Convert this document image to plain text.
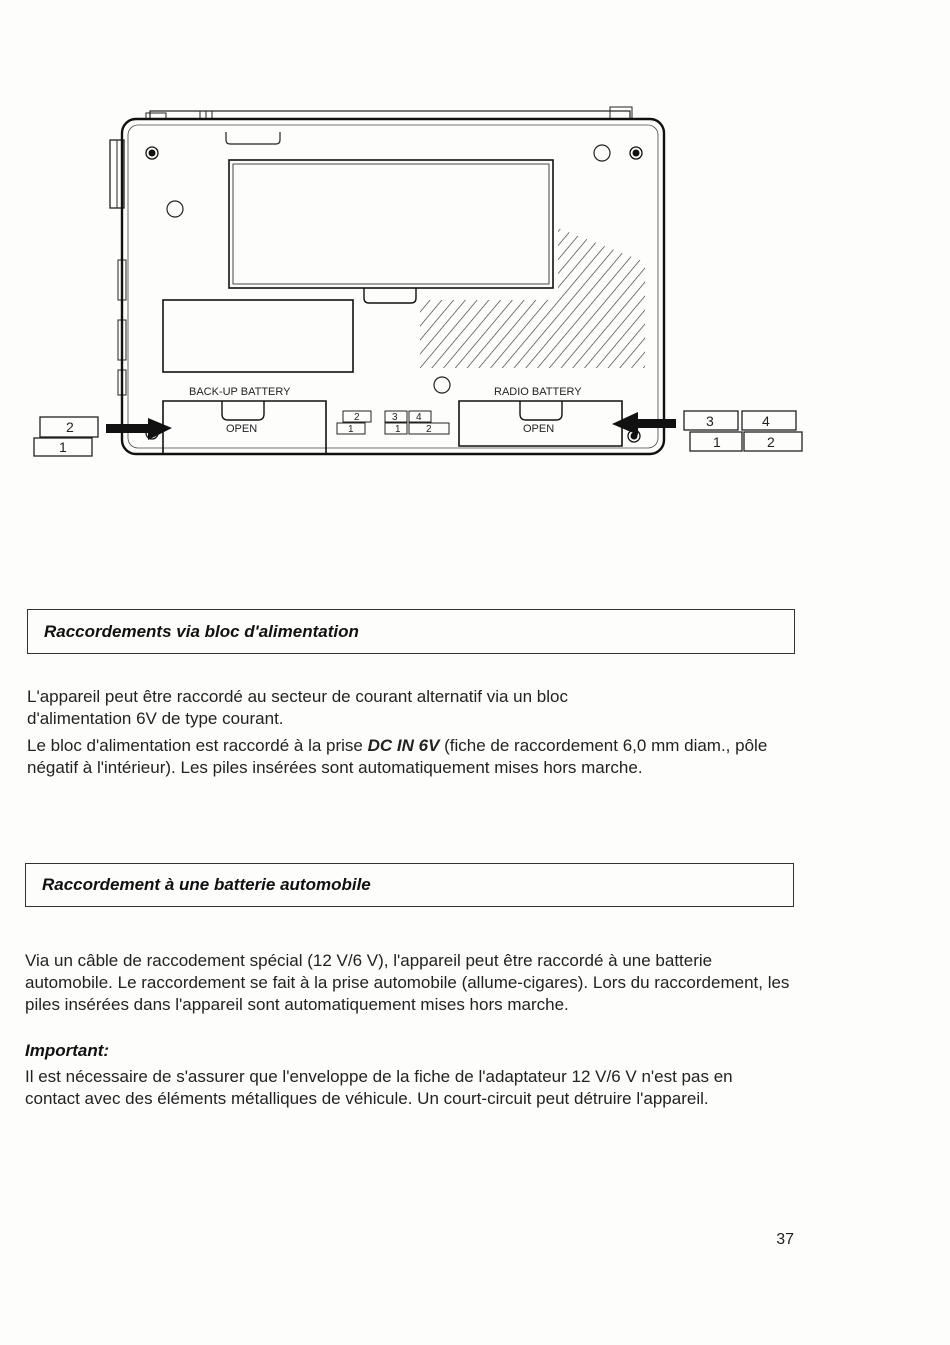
BACK-UP BATTERY	RADIO BATTERY
OPEN	OPEN
2
1
3 4
1	2
2
1
3	4
1	2
Raccordements via bloc d'alimentation

L'appareil peut être raccordé au secteur de courant alternatif via un bloc d'alimentation 6V de type courant.

Le bloc d'alimentation est raccordé à la prise DC IN 6V (fiche de raccordement 6,0 mm diam., pôle négatif à l'intérieur). Les piles insérées sont automatiquement mises hors marche.

Raccordement à une batterie automobile

Via un câble de raccodement spécial (12 V/6 V), l'appareil peut être raccordé à une batterie automobile. Le raccordement se fait à la prise automobile (allume-cigares). Lors du raccordement, les piles insérées dans l'appareil sont automatiquement mises hors marche.

Important:

Il est nécessaire de s'assurer que l'enveloppe de la fiche de l'adaptateur 12 V/6 V n'est pas en contact avec des éléments métalliques de véhicule. Un court-circuit peut détruire l'appareil.

37
